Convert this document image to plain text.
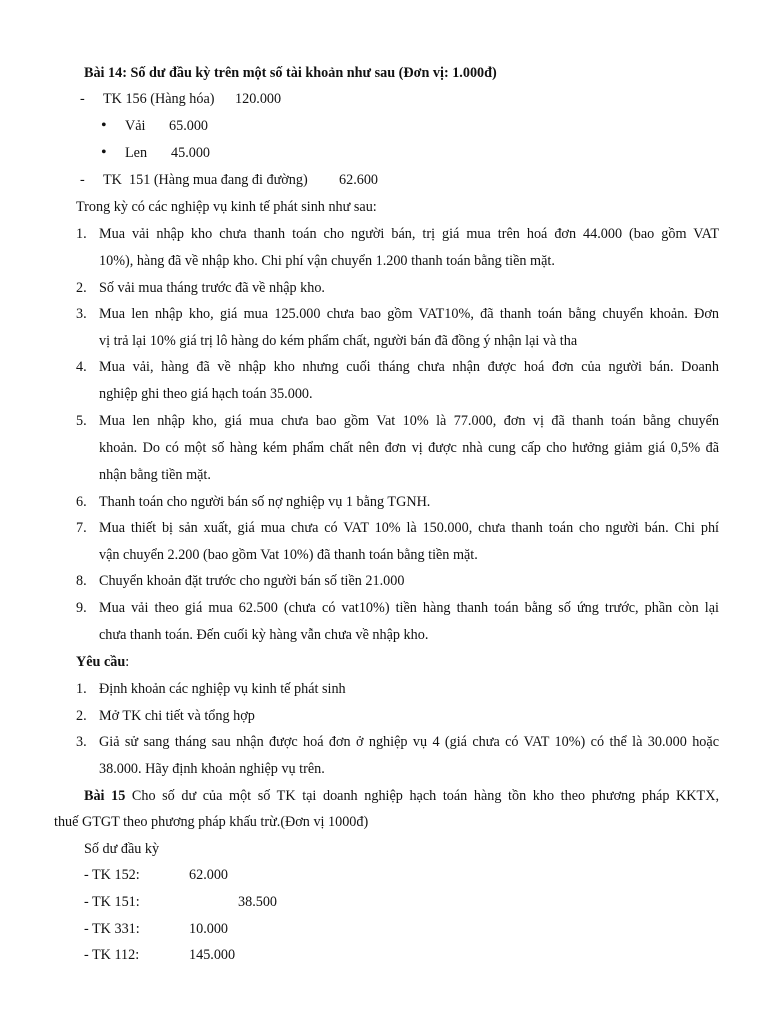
Bài 14: Số dư đầu kỳ trên một số tài khoản như sau (Đơn vị: 1.000đ)
- TK 156 (Hàng hóa) 120.000
• Vải 65.000
• Len 45.000
- TK  151 (Hàng mua đang đi đường) 62.600
Trong kỳ có các nghiệp vụ kinh tế phát sinh như sau:
1. Mua vải nhập kho chưa thanh toán cho người bán, trị giá mua trên hoá đơn 44.000 (bao gồm VAT
10%), hàng đã về nhập kho. Chi phí vận chuyển 1.200 thanh toán bằng tiền mặt.
2. Số vải mua tháng trước đã về nhập kho.
3. Mua len nhập kho, giá mua 125.000 chưa bao gồm VAT10%, đã thanh toán bằng chuyển khoản. Đơn
vị trả lại 10% giá trị lô hàng do kém phẩm chất, người bán đã đồng ý nhận lại và tha
4. Mua vải, hàng đã về nhập kho nhưng cuối tháng chưa nhận được hoá đơn của người bán. Doanh
nghiệp ghi theo giá hạch toán 35.000.
5. Mua len nhập kho, giá mua chưa bao gồm Vat 10% là 77.000, đơn vị đã thanh toán bằng chuyển
khoản. Do có một số hàng kém phẩm chất nên đơn vị được nhà cung cấp cho hưởng giảm giá 0,5% đã
nhận bằng tiền mặt.
6. Thanh toán cho người bán số nợ nghiệp vụ 1 bằng TGNH.
7. Mua thiết bị sản xuất, giá mua chưa có VAT 10% là 150.000, chưa thanh toán cho người bán. Chi phí
vận chuyển 2.200 (bao gồm Vat 10%) đã thanh toán bằng tiền mặt.
8. Chuyển khoản đặt trước cho người bán số tiền 21.000
9. Mua vải theo giá mua 62.500 (chưa có vat10%) tiền hàng thanh toán bằng số ứng trước, phần còn lại
chưa thanh toán. Đến cuối kỳ hàng vẫn chưa về nhập kho.
Yêu cầu:
1. Định khoản các nghiệp vụ kinh tế phát sinh
2. Mở TK chi tiết và tổng hợp
3. Giả sử sang tháng sau nhận được hoá đơn ở nghiệp vụ 4 (giá chưa có VAT 10%) có thể là 30.000 hoặc
38.000. Hãy định khoản nghiệp vụ trên.
Bài 15 Cho số dư của một số TK tại doanh nghiệp hạch toán hàng tồn kho theo phương pháp KKTX,
thuế GTGT theo phương pháp khấu trừ.(Đơn vị 1000đ)
Số dư đầu kỳ
- TK 152:	62.000
- TK 151:	38.500
- TK 331:	10.000
- TK 112:	145.000
